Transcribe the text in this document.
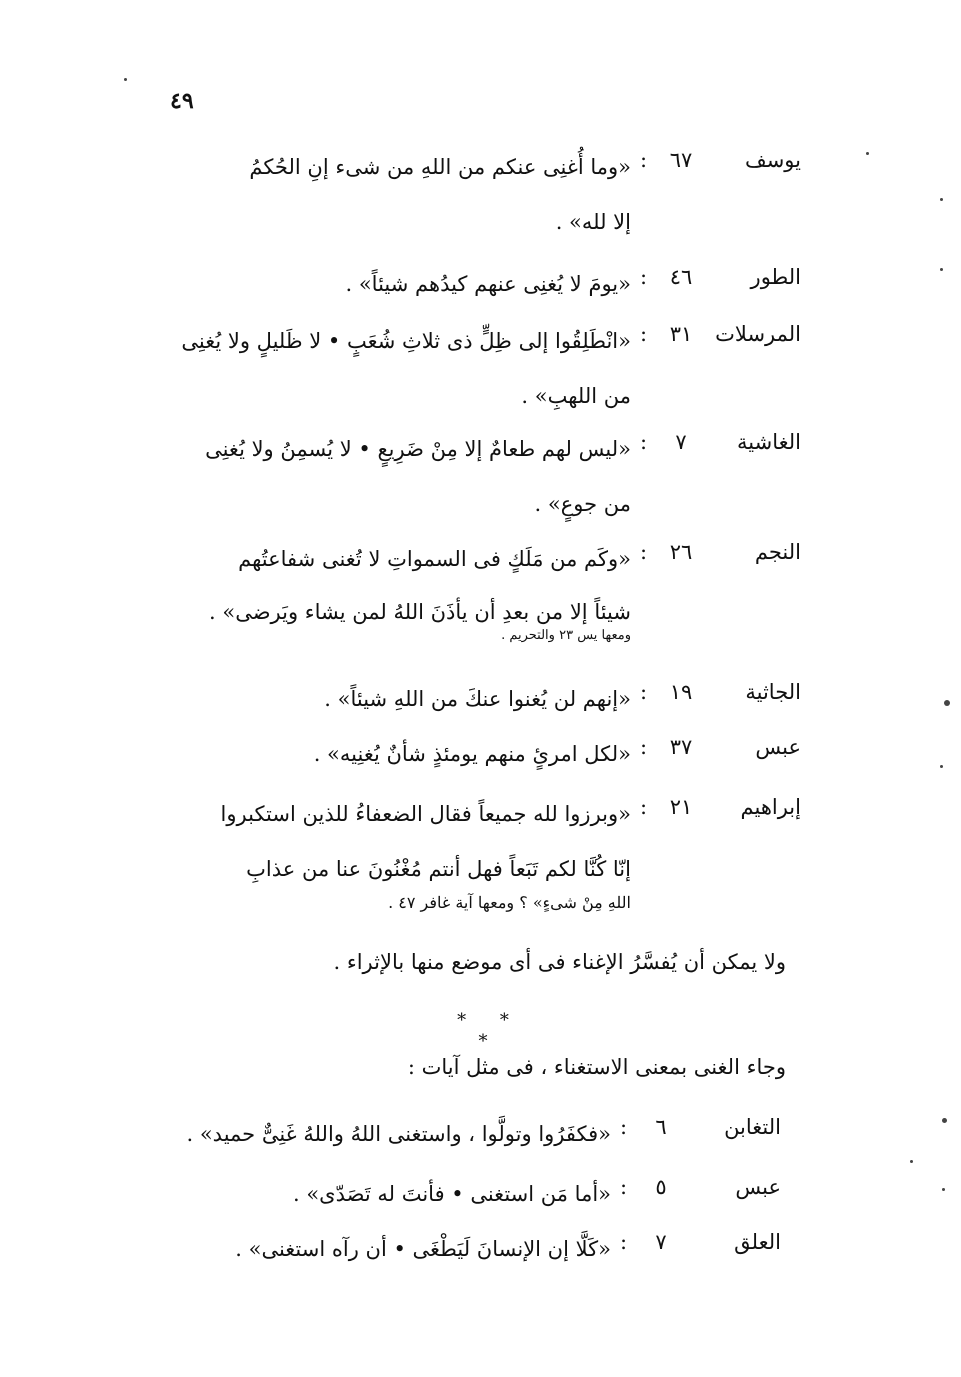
٤٩
يوسف
٦٧
:
«وما أُغنِى عنكم من اللهِ من شىء إنِ الحُكمُ
إلا لله» .
الطور
٤٦
:
«يومَ لا يُغنِى عنهم كيدُهم شيئاً» .
المرسلات
٣١
:
«انْطَلِقُوا إلى ظِلٍّ ذى ثلاثِ شُعَبٍ • لا ظَليلٍ ولا يُغنِى
من اللهبِ» .
الغاشية
٧
:
«ليس لهم طعامٌ إلا مِنْ ضَرِيعٍ • لا يُسمِنُ ولا يُغنِى
من جوعٍ» .
النجم
٢٦
:
«وكَم من مَلَكٍ فى السمواتِ لا تُغنى شفاعتُهم
شيئاً إلا من بعدِ أن يأذَنَ اللهُ لمن يشاء ويَرضى» .
ومعها يس ٢٣ والتحريم .
الجاثية
١٩
:
«إنهم لن يُغنوا عنكَ من اللهِ شيئاً» .
عبس
٣٧
:
«لكل امرئٍ منهم يومئذٍ شأنٌ يُغنِيه» .
إبراهيم
٢١
:
«وبرزوا لله جميعاً فقال الضعفاءُ للذين استكبروا
إنّا كُنَّا لكم تَبَعاً فهل أنتم مُغْنُونَ عنا من عذابِ
اللهِ مِنْ شىءٍ» ؟ ومعها آية غافر ٤٧ .
ولا يمكن أن يُفسَّرُ الإغناء فى أى موضع منها بالإثراء .
* * *
وجاء الغنى بمعنى الاستغناء ، فى مثل آيات :
التغابن
٦
:
«فكفَرُوا وتولَّوا ، واستغنى اللهُ واللهُ غَنِىٌّ حميد» .
عبس
٥
:
«أما مَن استغنى • فأنتَ له تَصَدّى» .
العلق
٧
:
«كَلَّا إن الإنسانَ لَيَطْغَى • أن رآه استغنى» .
